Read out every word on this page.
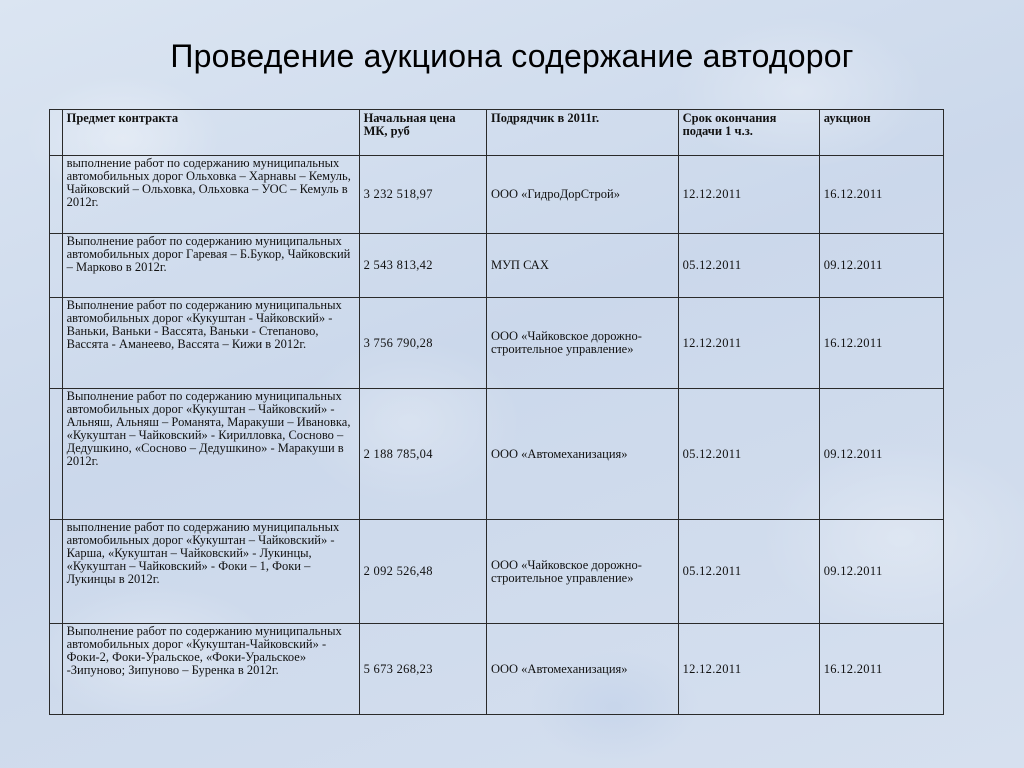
Проведение аукциона содержание автодорог
	Предмет контракта	Начальная цена МК, руб	Подрядчик в 2011г.	Срок окончания подачи 1 ч.з.	аукцион
	выполнение работ по содержанию муниципальных автомобильных дорог Ольховка – Харнавы – Кемуль, Чайковский – Ольховка, Ольховка – УОС – Кемуль в 2012г.	3 232 518,97	ООО «ГидроДорСтрой»	12.12.2011	16.12.2011
	Выполнение работ по содержанию муниципальных автомобильных дорог Гаревая – Б.Букор, Чайковский – Марково в 2012г.	2 543 813,42	МУП САХ	05.12.2011	09.12.2011
	Выполнение работ по содержанию муниципальных автомобильных дорог «Кукуштан - Чайковский» - Ваньки, Ваньки - Вассята, Ваньки - Степаново, Вассята - Аманеево, Вассята – Кижи в 2012г.	3 756 790,28	ООО «Чайковское дорожно-строительное управление»	12.12.2011	16.12.2011
	Выполнение работ по содержанию муниципальных автомобильных дорог «Кукуштан – Чайковский» - Альняш, Альняш – Романята, Маракуши – Ивановка, «Кукуштан – Чайковский» - Кирилловка, Сосново – Дедушкино, «Сосново – Дедушкино» - Маракуши в 2012г.	2 188 785,04	ООО «Автомеханизация»	05.12.2011	09.12.2011
	выполнение работ по содержанию муниципальных автомобильных дорог «Кукуштан – Чайковский» - Карша, «Кукуштан – Чайковский» - Лукинцы, «Кукуштан – Чайковский» - Фоки – 1, Фоки – Лукинцы в 2012г.	2 092 526,48	ООО «Чайковское дорожно-строительное управление»	05.12.2011	09.12.2011
	Выполнение работ по содержанию муниципальных автомобильных дорог «Кукуштан-Чайковский» - Фоки-2, Фоки-Уральское, «Фоки-Уральское» -Зипуново; Зипуново – Буренка в 2012г.	5 673 268,23	ООО «Автомеханизация»	12.12.2011	16.12.2011
